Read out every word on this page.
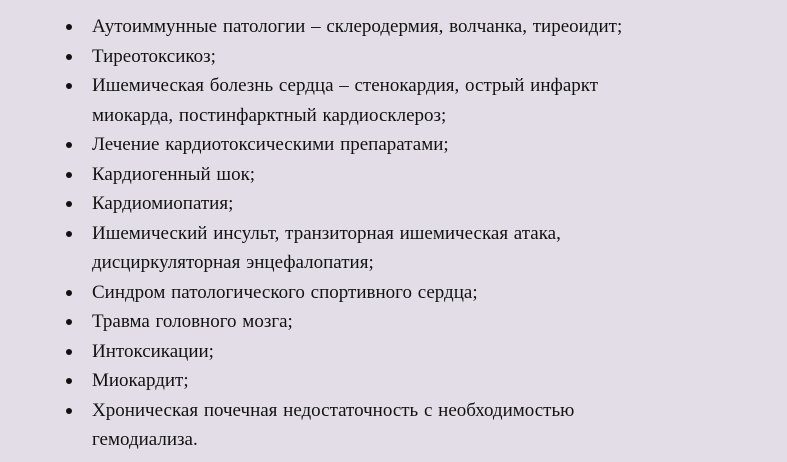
Аутоиммунные патологии – склеродермия, волчанка, тиреоидит;
Тиреотоксикоз;
Ишемическая болезнь сердца – стенокардия, острый инфаркт миокарда, постинфарктный кардиосклероз;
Лечение кардиотоксическими препаратами;
Кардиогенный шок;
Кардиомиопатия;
Ишемический инсульт, транзиторная ишемическая атака, дисциркуляторная энцефалопатия;
Синдром патологического спортивного сердца;
Травма головного мозга;
Интоксикации;
Миокардит;
Хроническая почечная недостаточность с необходимостью гемодиализа.
